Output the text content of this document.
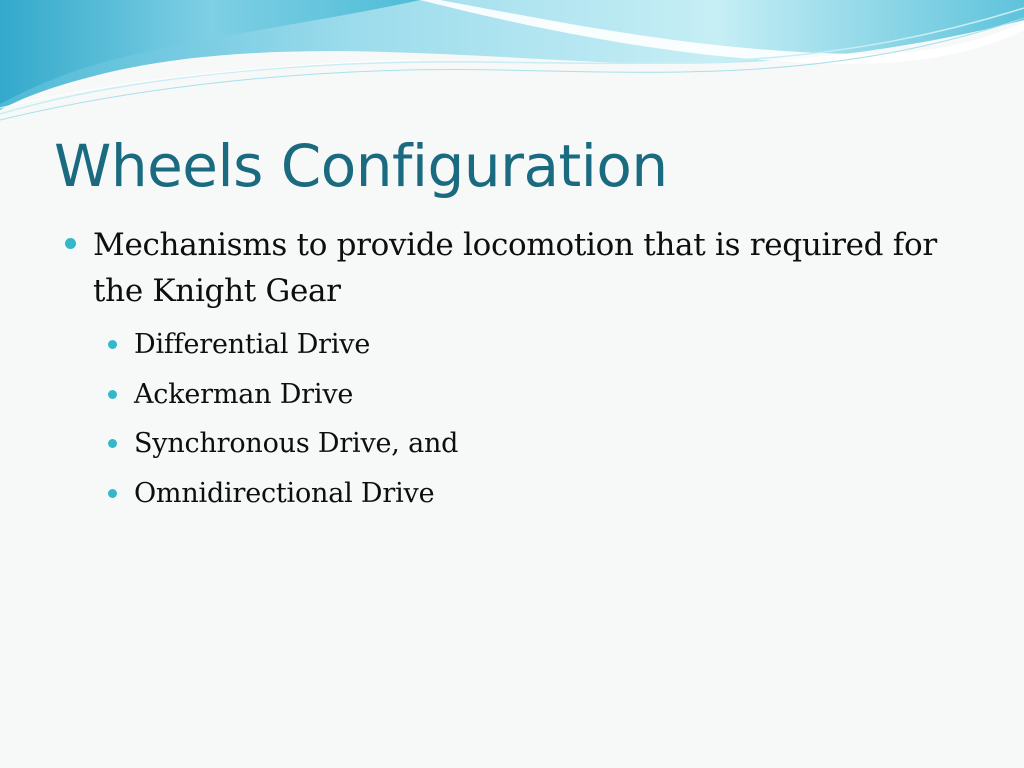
Wheels Configuration
Mechanisms to provide locomotion that is required for the Knight Gear
Differential Drive
Ackerman Drive
Synchronous Drive, and
Omnidirectional Drive
